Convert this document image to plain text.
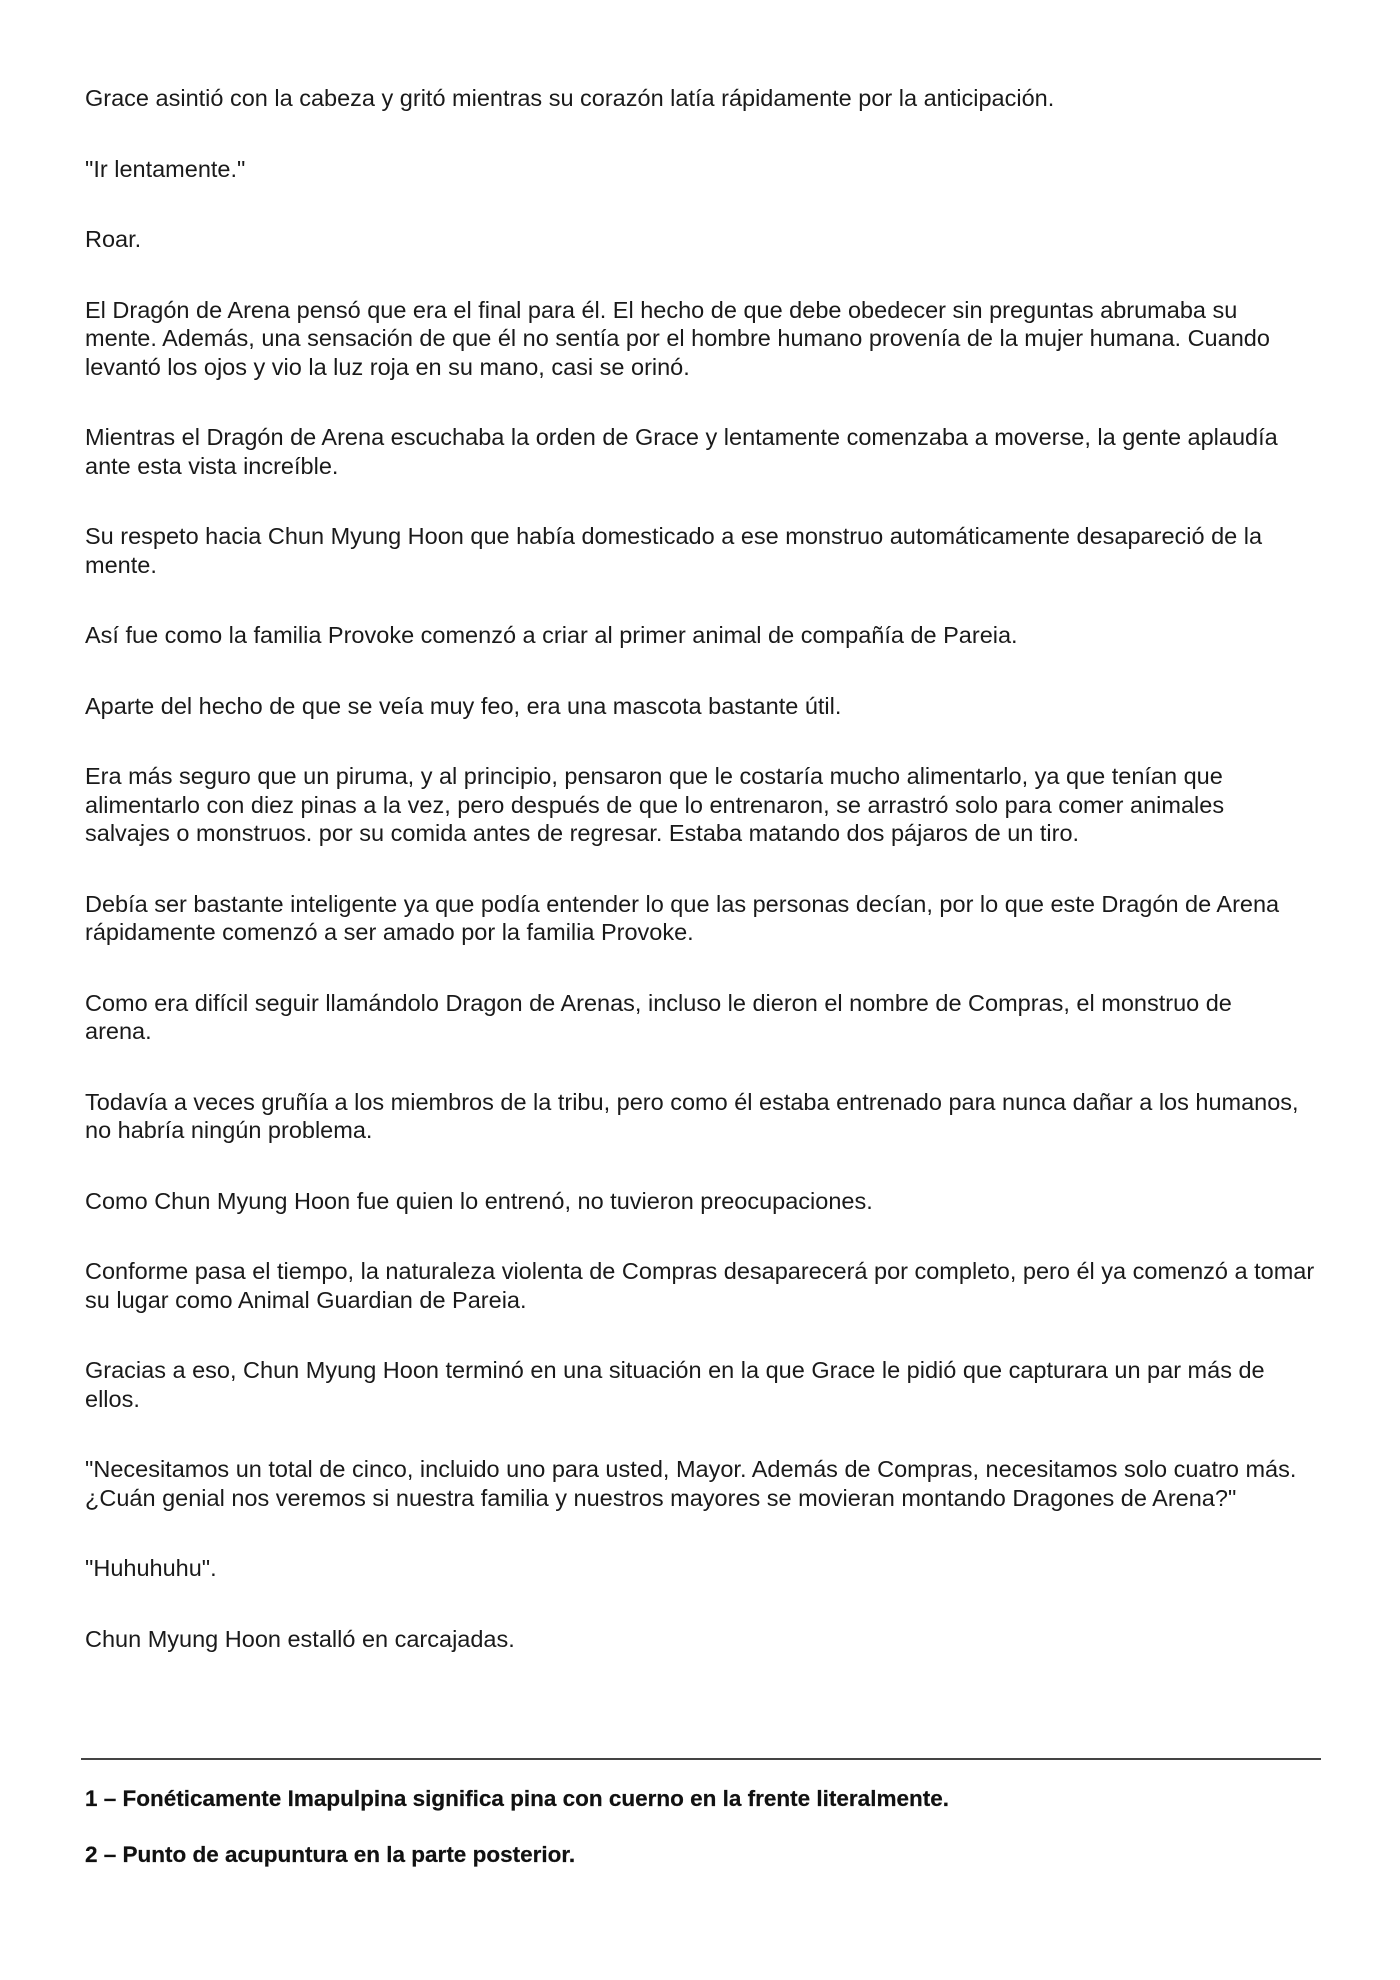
Grace asintió con la cabeza y gritó mientras su corazón latía rápidamente por la anticipación.

"Ir lentamente."

Roar.

El Dragón de Arena pensó que era el final para él. El hecho de que debe obedecer sin preguntas abrumaba su mente. Además, una sensación de que él no sentía por el hombre humano provenía de la mujer humana. Cuando levantó los ojos y vio la luz roja en su mano, casi se orinó.

Mientras el Dragón de Arena escuchaba la orden de Grace y lentamente comenzaba a moverse, la gente aplaudía ante esta vista increíble.

Su respeto hacia Chun Myung Hoon que había domesticado a ese monstruo automáticamente desapareció de la mente.

Así fue como la familia Provoke comenzó a criar al primer animal de compañía de Pareia.

Aparte del hecho de que se veía muy feo, era una mascota bastante útil.

Era más seguro que un piruma, y al principio, pensaron que le costaría mucho alimentarlo, ya que tenían que alimentarlo con diez pinas a la vez, pero después de que lo entrenaron, se arrastró solo para comer animales salvajes o monstruos. por su comida antes de regresar. Estaba matando dos pájaros de un tiro.

Debía ser bastante inteligente ya que podía entender lo que las personas decían, por lo que este Dragón de Arena rápidamente comenzó a ser amado por la familia Provoke.

Como era difícil seguir llamándolo Dragon de Arenas, incluso le dieron el nombre de Compras, el monstruo de arena.

Todavía a veces gruñía a los miembros de la tribu, pero como él estaba entrenado para nunca dañar a los humanos, no habría ningún problema.

Como Chun Myung Hoon fue quien lo entrenó, no tuvieron preocupaciones.

Conforme pasa el tiempo, la naturaleza violenta de Compras desaparecerá por completo, pero él ya comenzó a tomar su lugar como Animal Guardian de Pareia.

Gracias a eso, Chun Myung Hoon terminó en una situación en la que Grace le pidió que capturara un par más de ellos.

"Necesitamos un total de cinco, incluido uno para usted, Mayor. Además de Compras, necesitamos solo cuatro más. ¿Cuán genial nos veremos si nuestra familia y nuestros mayores se movieran montando Dragones de Arena?"

"Huhuhuhu".

Chun Myung Hoon estalló en carcajadas.

1 – Fonéticamente Imapulpina significa pina con cuerno en la frente literalmente.

2 – Punto de acupuntura en la parte posterior.
